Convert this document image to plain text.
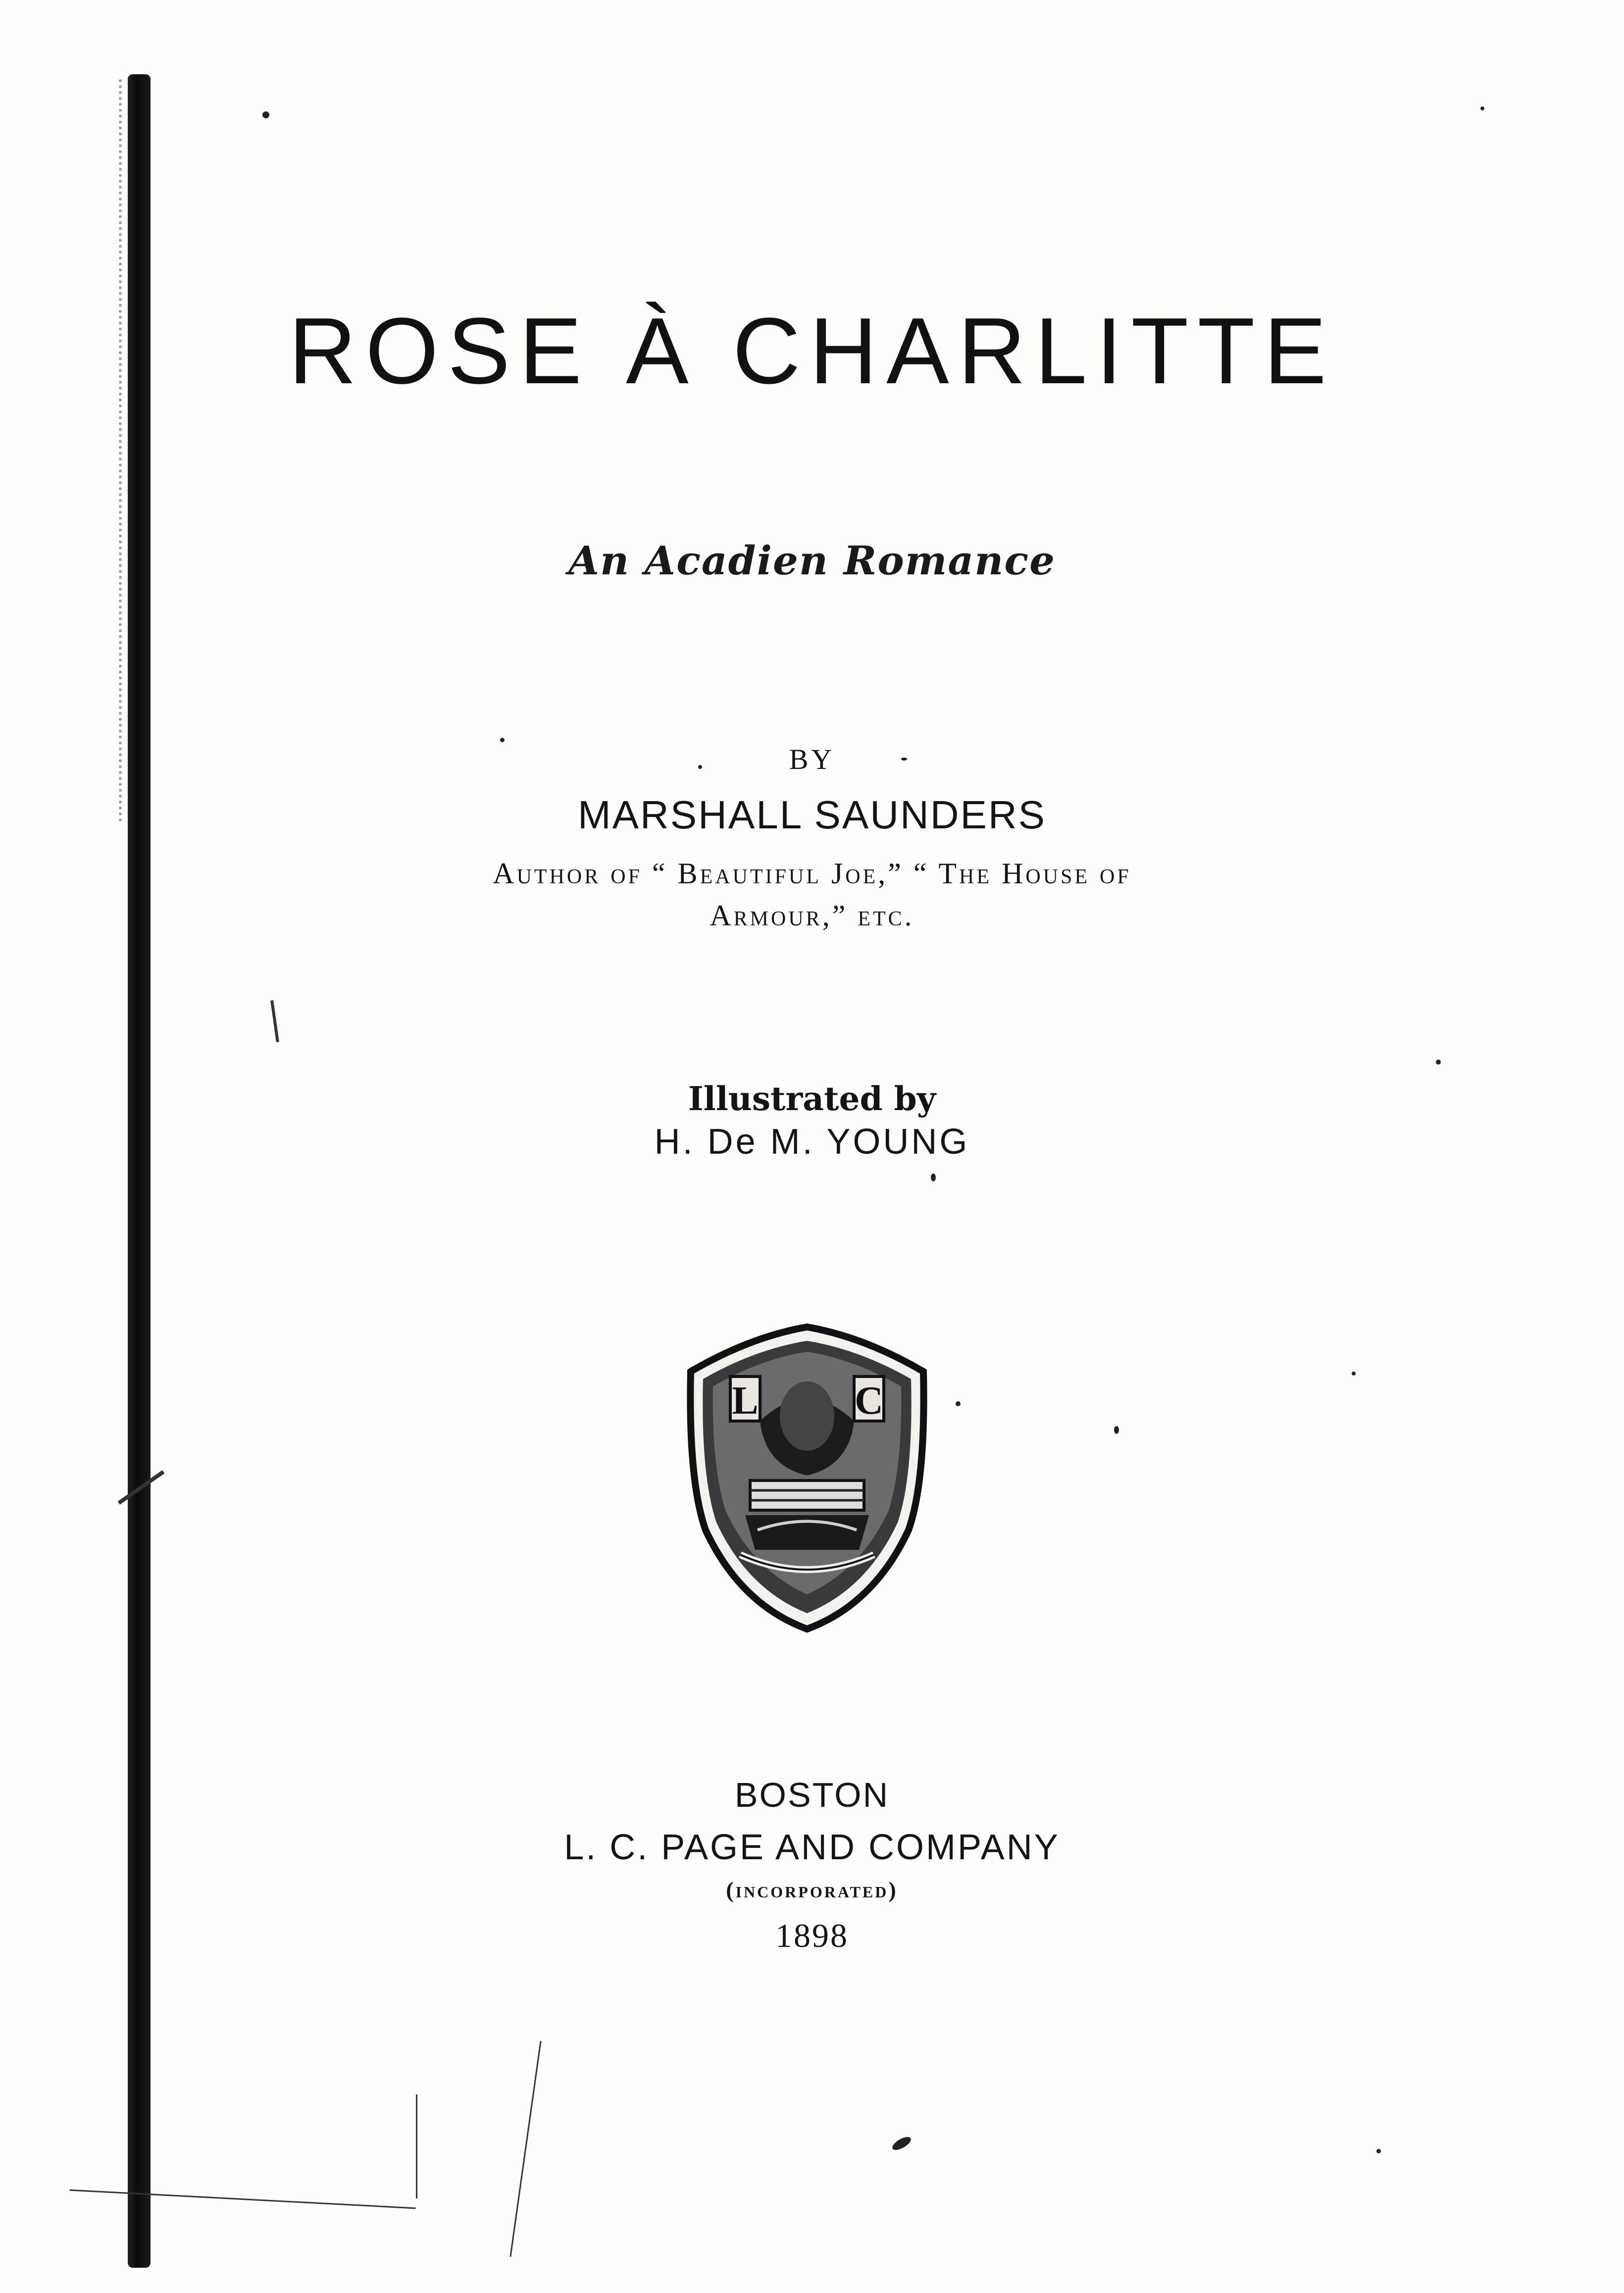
ROSE À CHARLITTE
An Acadien Romance
BY
MARSHALL SAUNDERS
Author of “ Beautiful Joe,” “ The House of
Armour,” etc.
Illustrated by
H. De M. YOUNG
L C
BOSTON
L. C. PAGE AND COMPANY
(incorporated)
1898
